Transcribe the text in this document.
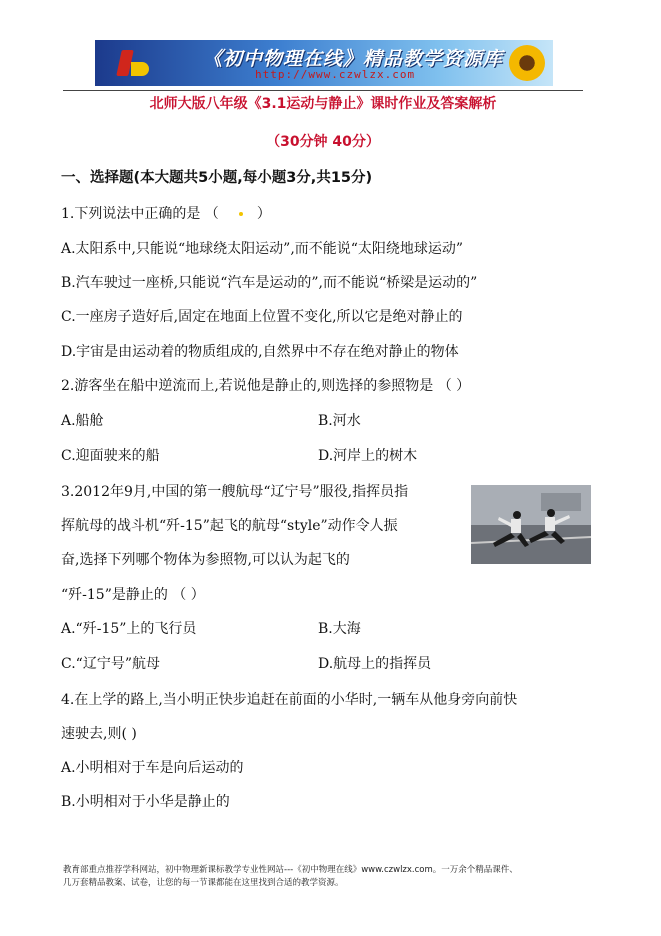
《初中物理在线》精品教学资源库
http://www.czwlzx.com
北师大版八年级《3.1运动与静止》课时作业及答案解析
（30分钟 40分）
一、选择题(本大题共5小题,每小题3分,共15分)
1.下列说法中正确的是 （	）
A.太阳系中,只能说“地球绕太阳运动”,而不能说“太阳绕地球运动”
B.汽车驶过一座桥,只能说“汽车是运动的”,而不能说“桥梁是运动的”
C.一座房子造好后,固定在地面上位置不变化,所以它是绝对静止的
D.宇宙是由运动着的物质组成的,自然界中不存在绝对静止的物体
2.游客坐在船中逆流而上,若说他是静止的,则选择的参照物是 （ ）
A.船舱	B.河水
C.迎面驶来的船	D.河岸上的树木
3.2012年9月,中国的第一艘航母“辽宁号”服役,指挥员指
挥航母的战斗机“歼-15”起飞的航母“style”动作令人振
奋,选择下列哪个物体为参照物,可以认为起飞的
“歼-15”是静止的 （ ）
A.“歼-15”上的飞行员	B.大海
C.“辽宁号”航母	D.航母上的指挥员
4.在上学的路上,当小明正快步追赶在前面的小华时,一辆车从他身旁向前快
速驶去,则( )
A.小明相对于车是向后运动的
B.小明相对于小华是静止的
教育部重点推荐学科网站，初中物理新课标教学专业性网站---《初中物理在线》www.czwlzx.com。一万余个精品课件、
几万套精品教案、试卷，让您的每一节课都能在这里找到合适的教学资源。
